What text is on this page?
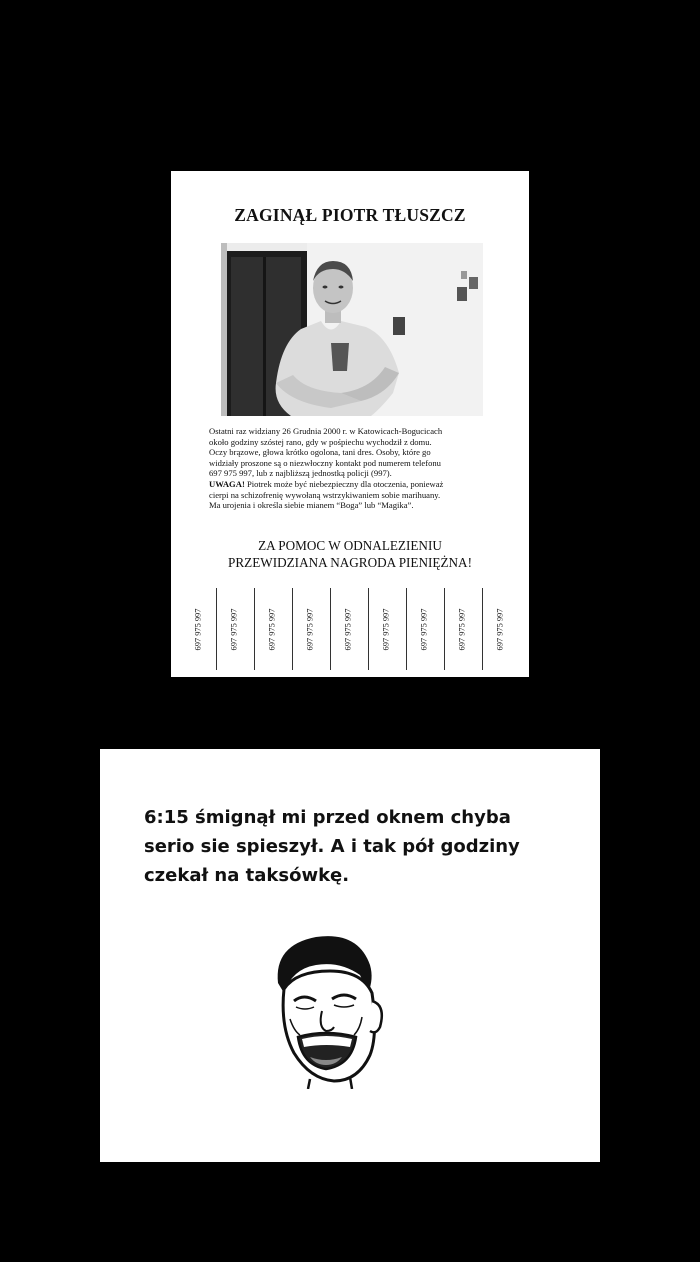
ZAGINĄŁ PIOTR TŁUSZCZ

Ostatni raz widziany 26 Grudnia 2000 r. w Katowicach-Bogucicach

około godziny szóstej rano, gdy w pośpiechu wychodził z domu.

Oczy brązowe, głowa krótko ogolona, tani dres. Osoby, które go

widziały proszone są o niezwłoczny kontakt pod numerem telefonu

697 975 997, lub z najbliższą jednostką policji (997).

UWAGA! Piotrek może być niebezpieczny dla otoczenia, ponieważ

cierpi na schizofrenię wywołaną wstrzykiwaniem sobie marihuany.

Ma urojenia i określa siebie mianem “Boga” lub “Magika”.

ZA POMOC W ODNALEZIENIU
PRZEWIDZIANA NAGRODA PIENIĘŻNA!
697 975 997	697 975 997	697 975 997	697 975 997	697 975 997	697 975 997	697 975 997	697 975 997	697 975 997

6:15 śmignął mi przed oknem chyba
serio sie spieszył. A i tak pół godziny
czekał na taksówkę.
